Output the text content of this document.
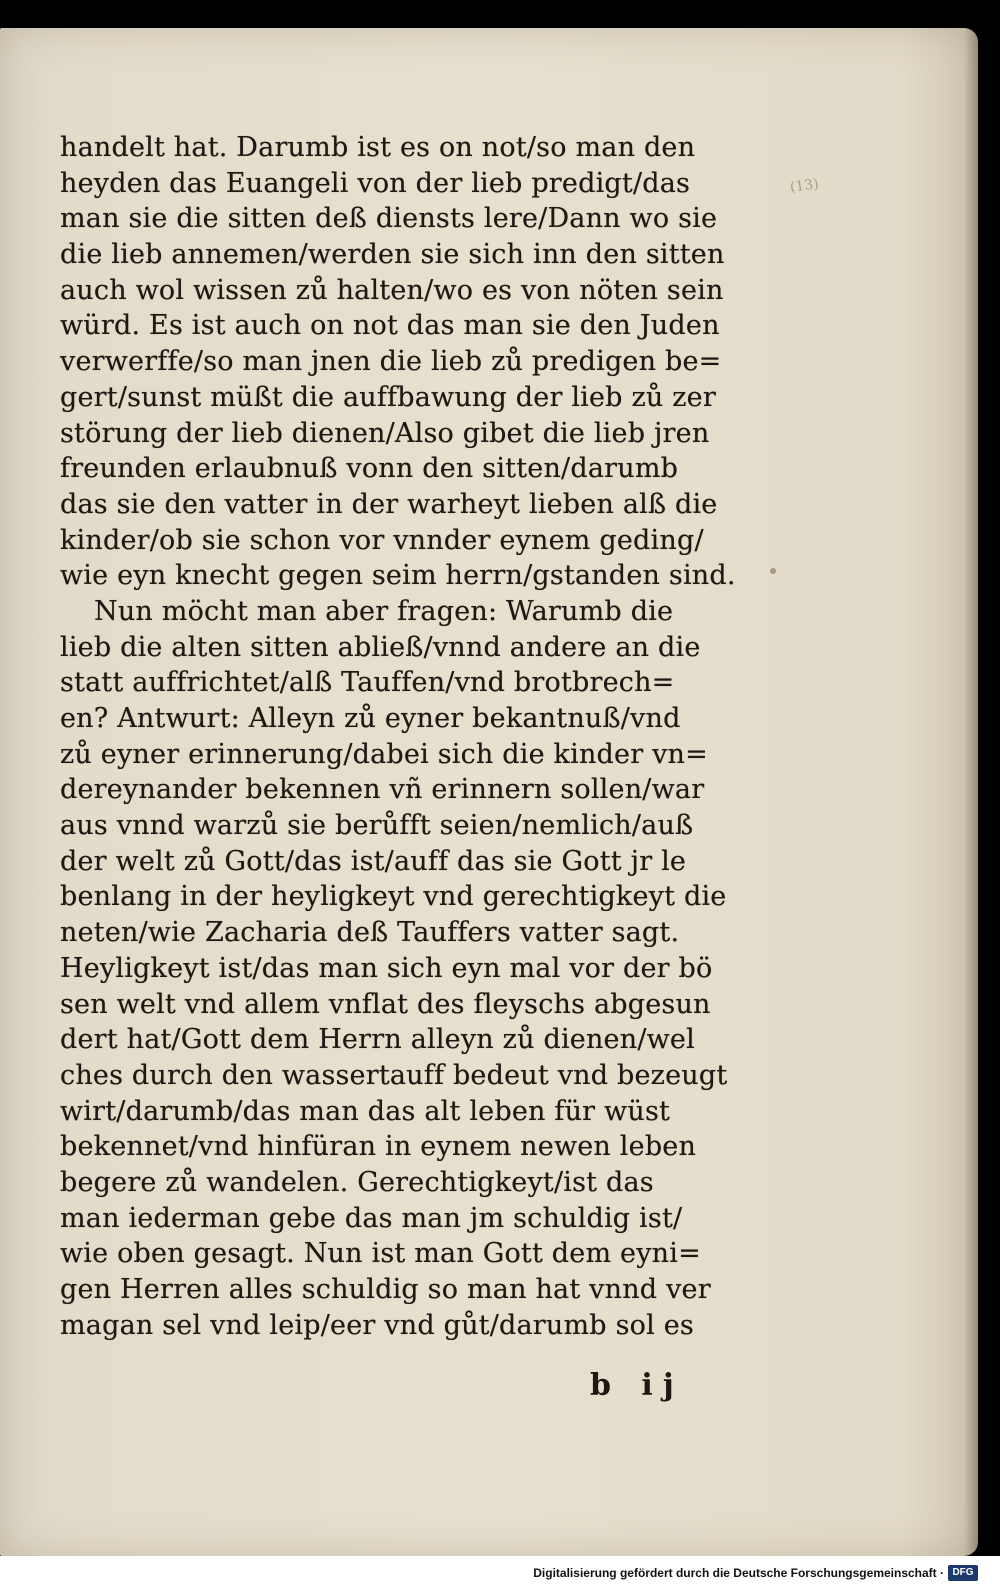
(13)
handelt hat. Darumb ist es on not/so man den
heyden das Euangeli von der lieb predigt/das
man sie die sitten deß diensts lere/Dann wo sie
die lieb annemen/werden sie sich inn den sitten
auch wol wissen zů halten/wo es von nöten sein
würd. Es ist auch on not das man sie den Juden
verwerffe/so man jnen die lieb zů predigen be=
gert/sunst müßt die auffbawung der lieb zů zer
störung der lieb dienen/Also gibet die lieb jren
freunden erlaubnuß vonn den sitten/darumb
das sie den vatter in der warheyt lieben alß die
kinder/ob sie schon vor vnnder eynem geding/
wie eyn knecht gegen seim herrn/gstanden sind.
Nun möcht man aber fragen: Warumb die
lieb die alten sitten abließ/vnnd andere an die
statt auffrichtet/alß Tauffen/vnd brotbrech=
en? Antwurt: Alleyn zů eyner bekantnuß/vnd
zů eyner erinnerung/dabei sich die kinder vn=
dereynander bekennen vñ erinnern sollen/war
aus vnnd warzů sie berůfft seien/nemlich/auß
der welt zů Gott/das ist/auff das sie Gott jr le
benlang in der heyligkeyt vnd gerechtigkeyt die
neten/wie Zacharia deß Tauffers vatter sagt.
Heyligkeyt ist/das man sich eyn mal vor der bö
sen welt vnd allem vnflat des fleyschs abgesun
dert hat/Gott dem Herrn alleyn zů dienen/wel
ches durch den wassertauff bedeut vnd bezeugt
wirt/darumb/das man das alt leben für wüst
bekennet/vnd hinfüran in eynem newen leben
begere zů wandelen. Gerechtigkeyt/ist das
man iederman gebe das man jm schuldig ist/
wie oben gesagt. Nun ist man Gott dem eyni=
gen Herren alles schuldig so man hat vnnd ver
magan sel vnd leip/eer vnd gůt/darumb sol es
b ij
Digitalisierung gefördert durch die Deutsche Forschungsgemeinschaft · DFG
